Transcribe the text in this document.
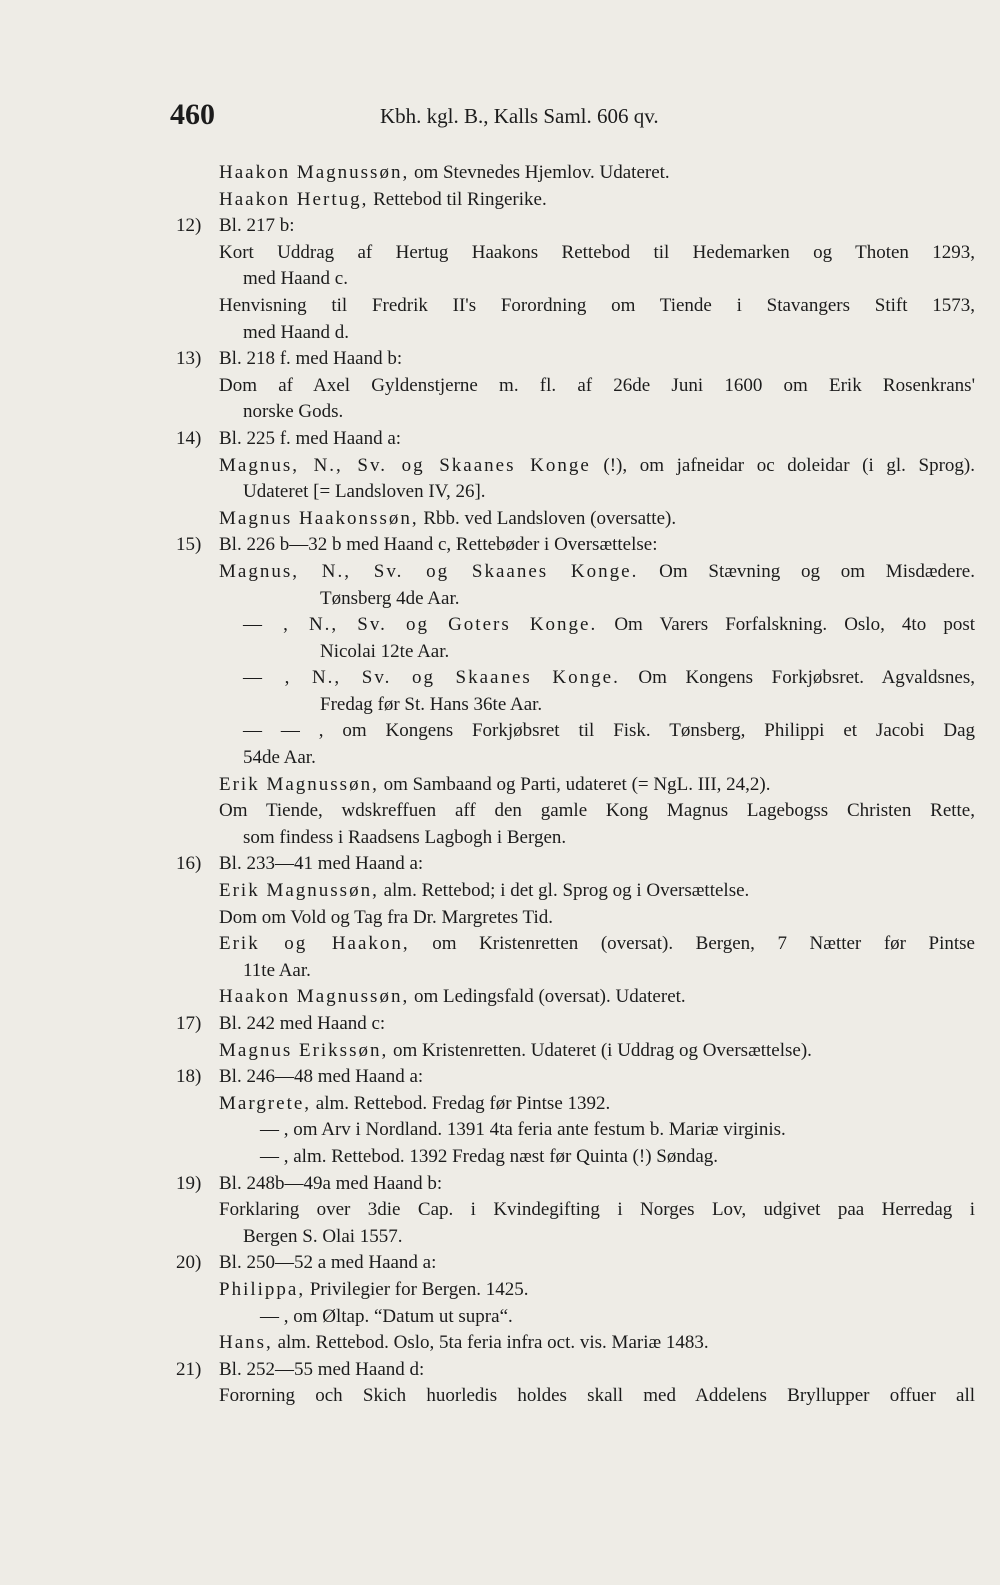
460	Kbh. kgl. B., Kalls Saml. 606 qv.
Haakon Magnussøn, om Stevnedes Hjemlov. Udateret.
Haakon Hertug, Rettebod til Ringerike.
12) Bl. 217 b:
Kort Uddrag af Hertug Haakons Rettebod til Hedemarken og Thoten 1293,
med Haand c.
Henvisning til Fredrik II's Forordning om Tiende i Stavangers Stift 1573,
med Haand d.
13) Bl. 218 f. med Haand b:
Dom af Axel Gyldenstjerne m. fl. af 26de Juni 1600 om Erik Rosenkrans'
norske Gods.
14) Bl. 225 f. med Haand a:
Magnus, N., Sv. og Skaanes Konge (!), om jafneidar oc doleidar (i gl. Sprog).
Udateret [= Landsloven IV, 26].
Magnus Haakonssøn, Rbb. ved Landsloven (oversatte).
15) Bl. 226 b—32 b med Haand c, Rettebøder i Oversættelse:
Magnus, N., Sv. og Skaanes Konge. Om Stævning og om Misdædere.
Tønsberg 4de Aar.
— , N., Sv. og Goters Konge. Om Varers Forfalskning. Oslo, 4to post
Nicolai 12te Aar.
— , N., Sv. og Skaanes Konge. Om Kongens Forkjøbsret. Agvaldsnes,
Fredag før St. Hans 36te Aar.
— — , om Kongens Forkjøbsret til Fisk. Tønsberg, Philippi et Jacobi Dag
54de Aar.
Erik Magnussøn, om Sambaand og Parti, udateret (= NgL. III, 24,2).
Om Tiende, wdskreffuen aff den gamle Kong Magnus Lagebogss Christen Rette,
som findess i Raadsens Lagbogh i Bergen.
16) Bl. 233—41 med Haand a:
Erik Magnussøn, alm. Rettebod; i det gl. Sprog og i Oversættelse.
Dom om Vold og Tag fra Dr. Margretes Tid.
Erik og Haakon, om Kristenretten (oversat). Bergen, 7 Nætter før Pintse
11te Aar.
Haakon Magnussøn, om Ledingsfald (oversat). Udateret.
17) Bl. 242 med Haand c:
Magnus Erikssøn, om Kristenretten. Udateret (i Uddrag og Oversættelse).
18) Bl. 246—48 med Haand a:
Margrete, alm. Rettebod. Fredag før Pintse 1392.
— , om Arv i Nordland. 1391 4ta feria ante festum b. Mariæ virginis.
— , alm. Rettebod. 1392 Fredag næst før Quinta (!) Søndag.
19) Bl. 248b—49a med Haand b:
Forklaring over 3die Cap. i Kvindegifting i Norges Lov, udgivet paa Herredag i
Bergen S. Olai 1557.
20) Bl. 250—52 a med Haand a:
Philippa, Privilegier for Bergen. 1425.
— , om Øltap. “Datum ut supra“.
Hans, alm. Rettebod. Oslo, 5ta feria infra oct. vis. Mariæ 1483.
21) Bl. 252—55 med Haand d:
Fororning och Skich huorledis holdes skall med Addelens Bryllupper offuer all
